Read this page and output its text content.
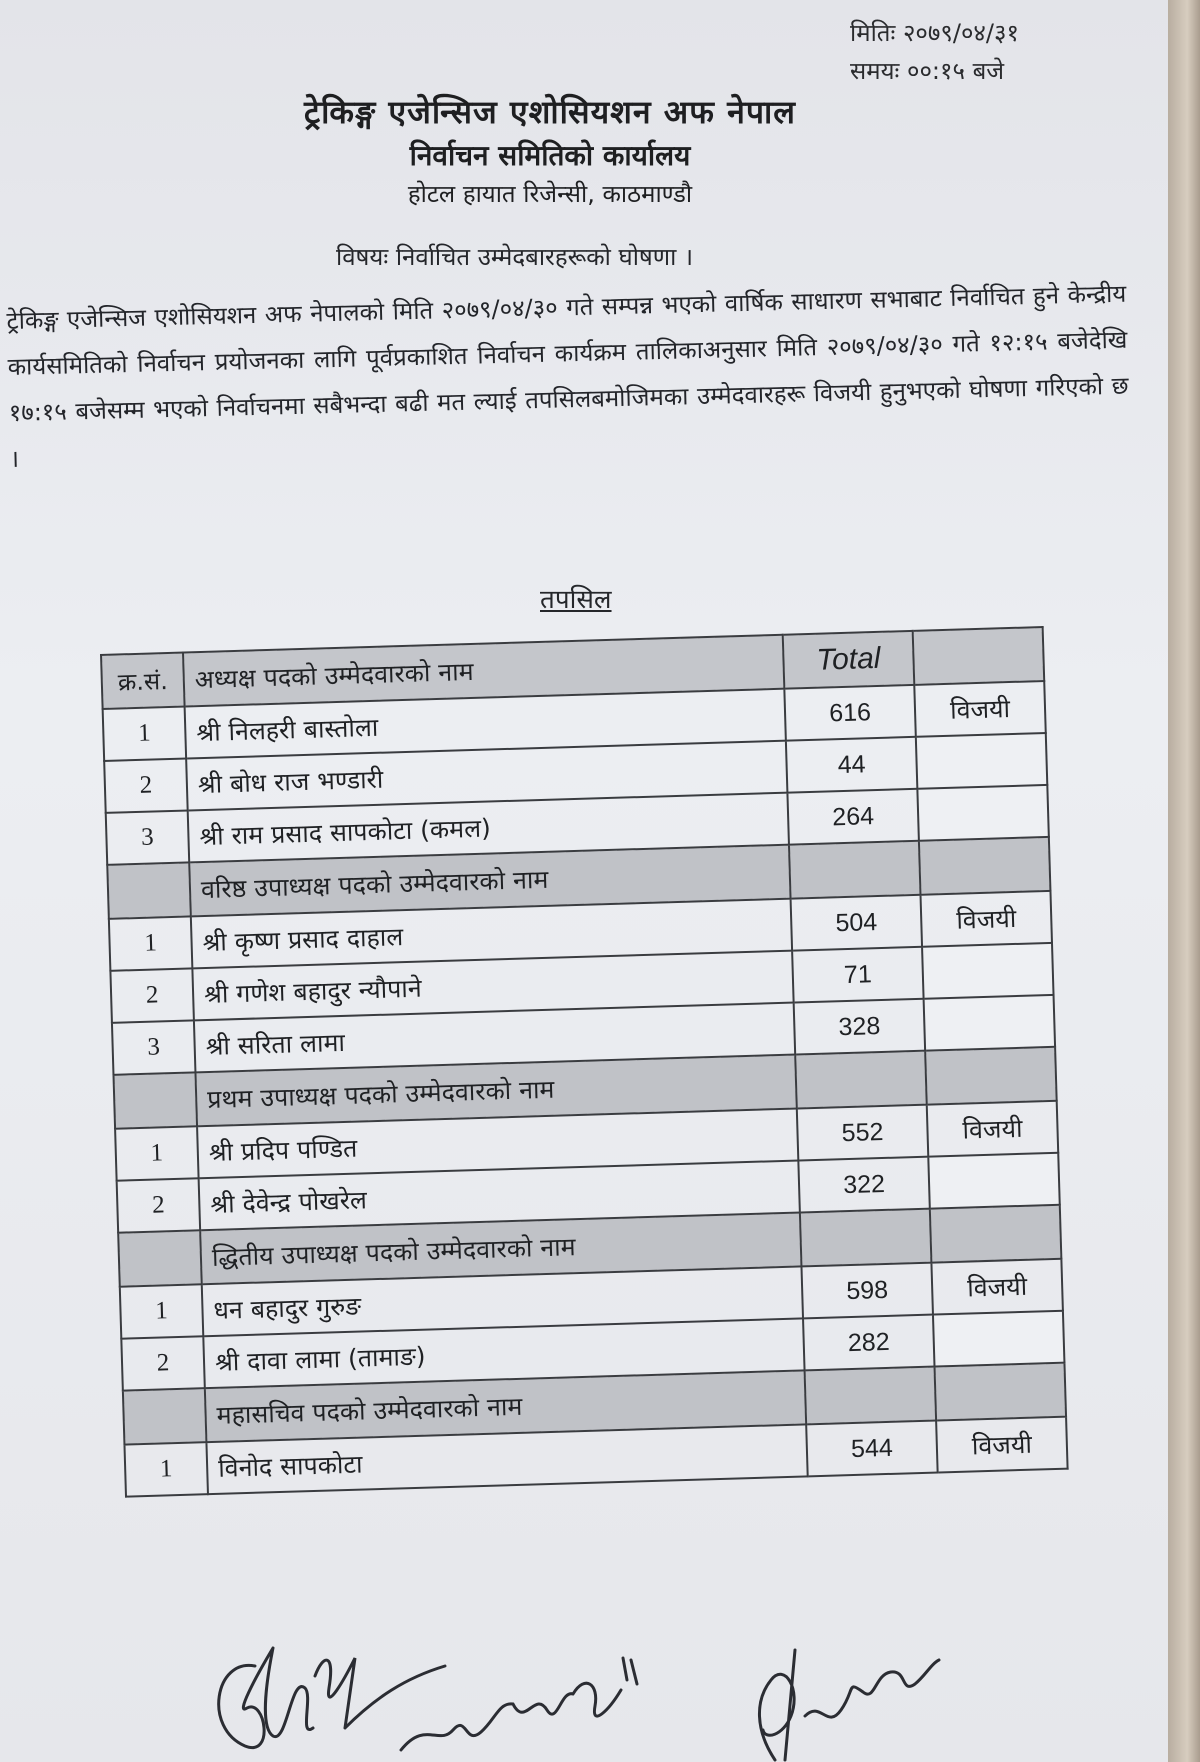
मितिः २०७९/०४/३१
समयः ००:१५ बजे
ट्रेकिङ्ग एजेन्सिज एशोसियशन अफ नेपाल
निर्वाचन समितिको कार्यालय
होटल हायात रिजेन्सी, काठमाण्डौ
विषयः निर्वाचित उम्मेदबारहरूको घोषणा ।
ट्रेकिङ्ग एजेन्सिज एशोसियशन अफ नेपालको मिति २०७९/०४/३० गते सम्पन्न भएको वार्षिक साधारण सभाबाट निर्वाचित हुने केन्द्रीय कार्यसमितिको निर्वाचन प्रयोजनका लागि पूर्वप्रकाशित निर्वाचन कार्यक्रम तालिकाअनुसार मिति २०७९/०४/३० गते १२:१५ बजेदेखि १७:१५ बजेसम्म भएको निर्वाचनमा सबैभन्दा बढी मत ल्याई तपसिलबमोजिमका उम्मेदवारहरू विजयी हुनुभएको घोषणा गरिएको छ ।
तपसिल
क्र.सं.	अध्यक्ष पदको उम्मेदवारको नाम	Total	
1	श्री निलहरी बास्तोला	616	विजयी
2	श्री बोध राज भण्डारी	44	
3	श्री राम प्रसाद सापकोटा (कमल)	264	
	वरिष्ठ उपाध्यक्ष पदको उम्मेदवारको नाम		
1	श्री कृष्ण प्रसाद दाहाल	504	विजयी
2	श्री गणेश बहादुर न्यौपाने	71	
3	श्री सरिता लामा	328	
	प्रथम उपाध्यक्ष पदको उम्मेदवारको नाम		
1	श्री प्रदिप पण्डित	552	विजयी
2	श्री देवेन्द्र पोखरेल	322	
	द्धितीय उपाध्यक्ष पदको उम्मेदवारको नाम		
1	धन बहादुर गुरुङ	598	विजयी
2	श्री दावा लामा (तामाङ)	282	
	महासचिव पदको उम्मेदवारको नाम		
1	विनोद सापकोटा	544	विजयी
